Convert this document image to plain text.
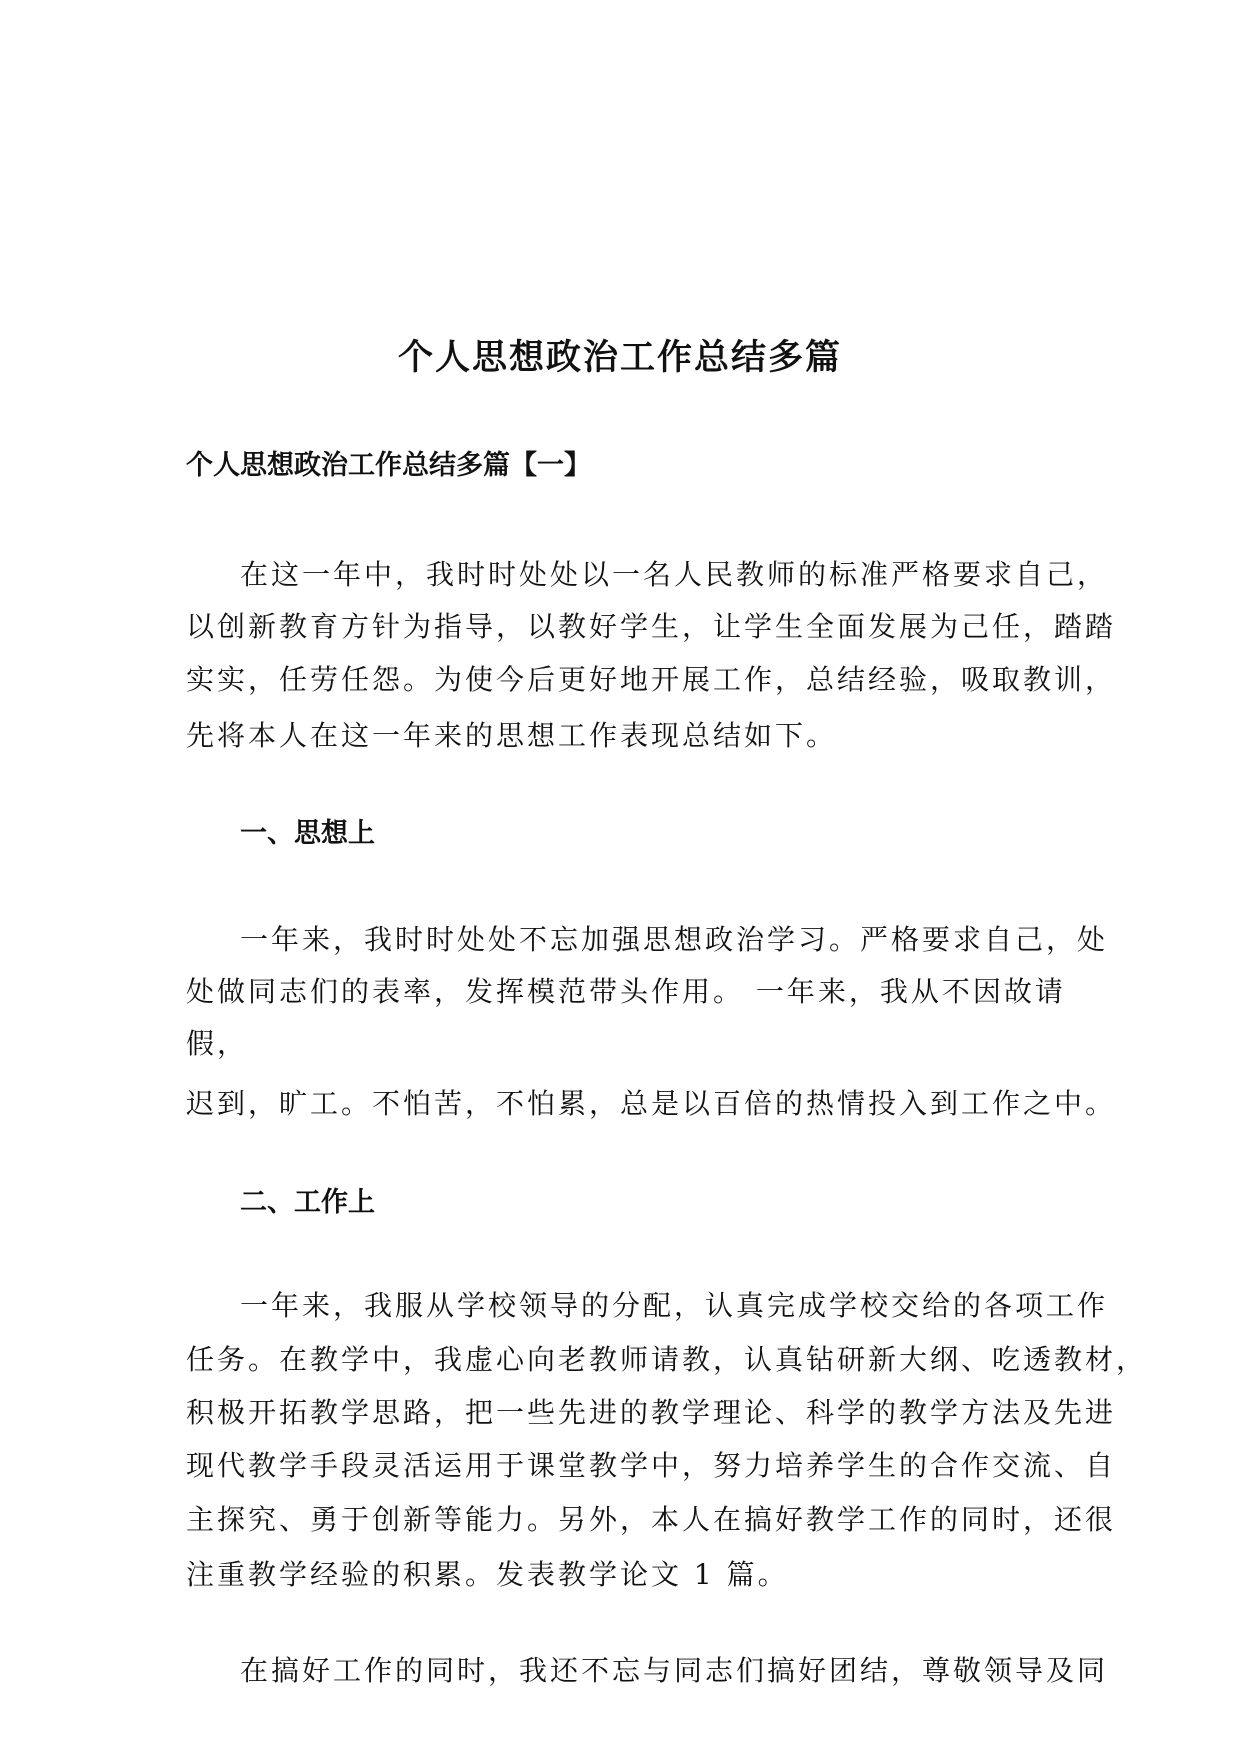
个人思想政治工作总结多篇
个人思想政治工作总结多篇【一】
在这一年中，我时时处处以一名人民教师的标准严格要求自己，
以创新教育方针为指导，以教好学生，让学生全面发展为己任，踏踏
实实，任劳任怨。为使今后更好地开展工作，总结经验，吸取教训，
先将本人在这一年来的思想工作表现总结如下。
一、思想上
一年来，我时时处处不忘加强思想政治学习。严格要求自己，处
处做同志们的表率，发挥模范带头作用。 一年来，我从不因故请
假，
迟到，旷工。不怕苦，不怕累，总是以百倍的热情投入到工作之中。
二、工作上
一年来，我服从学校领导的分配，认真完成学校交给的各项工作
任务。在教学中，我虚心向老教师请教，认真钻研新大纲、吃透教材，
积极开拓教学思路，把一些先进的教学理论、科学的教学方法及先进
现代教学手段灵活运用于课堂教学中，努力培养学生的合作交流、自
主探究、勇于创新等能力。另外，本人在搞好教学工作的同时，还很
注重教学经验的积累。发表教学论文 1 篇。
在搞好工作的同时，我还不忘与同志们搞好团结，尊敬领导及同
